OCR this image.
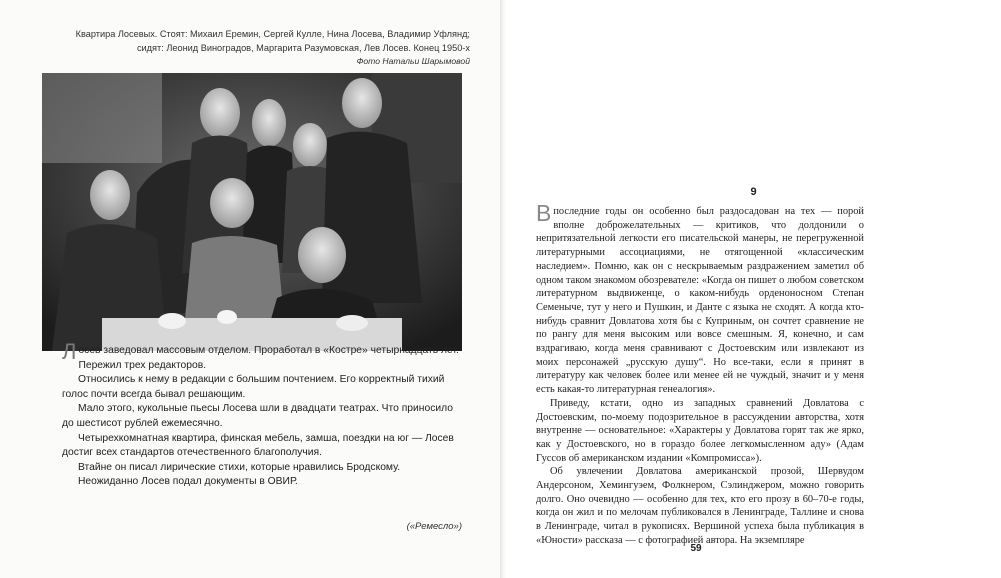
Квартира Лосевых. Стоят: Михаил Еремин, Сергей Кулле, Нина Лосева, Владимир Уфлянд;
сидят: Леонид Виноградов, Маргарита Разумовская, Лев Лосев. Конец 1950-х
Фото Натальи Шарымовой

Лосев заведовал массовым отделом. Проработал в «Костре» четырнадцать лет. Пережил трех редакторов.

Относились к нему в редакции с большим почтением. Его корректный тихий голос почти всегда бывал решающим.

Мало этого, кукольные пьесы Лосева шли в двадцати театрах. Что приносило до шестисот рублей ежемесячно.

Четырехкомнатная квартира, финская мебель, замша, поездки на юг — Лосев достиг всех стандартов отечественного благополучия.

Втайне он писал лирические стихи, которые нравились Бродскому.

Неожиданно Лосев подал документы в ОВИР.

(«Ремесло»)
9

В последние годы он особенно был раздосадован на тех — порой вполне доброжелательных — критиков, что долдонили о непритязательной легкости его писательской манеры, не перегруженной литературными ассоциациями, не отягощенной «классическим наследием». Помню, как он с нескрываемым раздражением заметил об одном таком знакомом обозревателе: «Когда он пишет о любом советском литературном выдвиженце, о каком-нибудь орденоносном Степан Семеныче, тут у него и Пушкин, и Данте с языка не сходят. А когда кто-нибудь сравнит Довлатова хотя бы с Куприным, он сочтет сравнение не по рангу для меня высоким или вовсе смешным. Я, конечно, и сам вздрагиваю, когда меня сравнивают с Достоевским или извлекают из моих персонажей „русскую душу“. Но все-таки, если я принят в литературу как человек более или менее ей не чуждый, значит и у меня есть какая-то литературная генеалогия».

Приведу, кстати, одно из западных сравнений Довлатова с Достоевским, по-моему подозрительное в рассуждении авторства, хотя внутренне — основательное: «Характеры у Довлатова горят так же ярко, как у Достоевского, но в гораздо более легкомысленном аду» (Адам Гуссов об американском издании «Компромисса»).

Об увлечении Довлатова американской прозой, Шервудом Андерсоном, Хемингуэем, Фолкнером, Сэлинджером, можно говорить долго. Оно очевидно — особенно для тех, кто его прозу в 60–70-е годы, когда он жил и по мелочам публиковался в Ленинграде, Таллине и снова в Ленинграде, читал в рукописях. Вершиной успеха была публикация в «Юности» рассказа — с фотографией автора. На экземпляре

59
